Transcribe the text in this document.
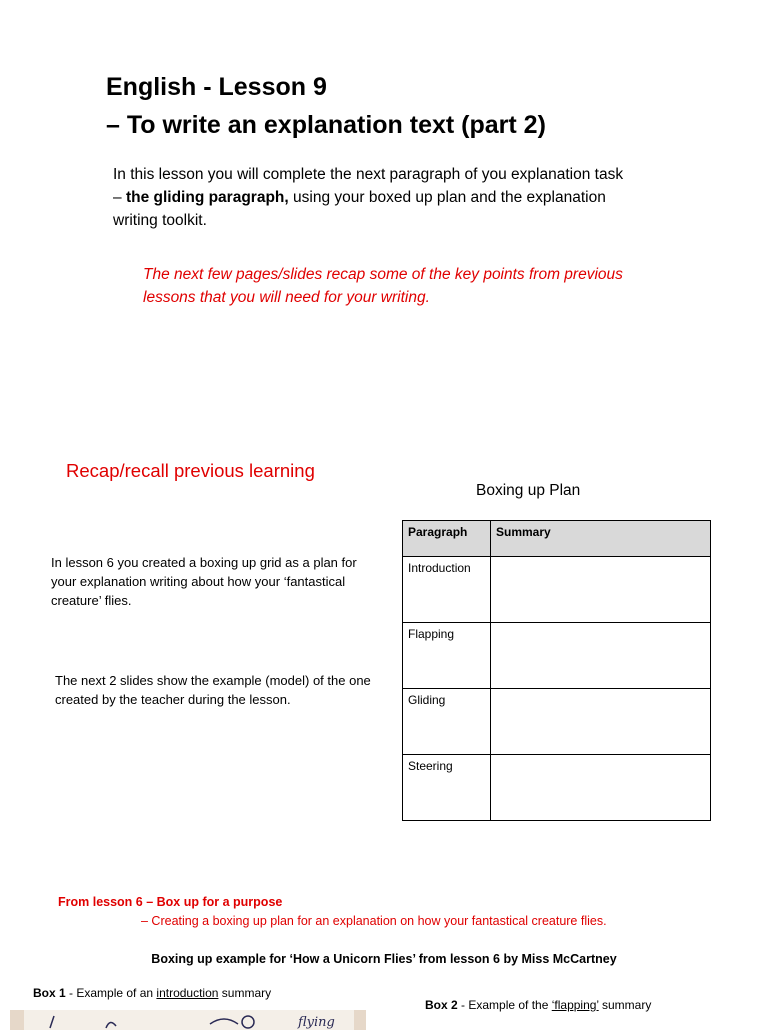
English - Lesson 9
– To write an explanation text (part 2)
In this lesson you will complete the next paragraph of you explanation task – the gliding paragraph, using your boxed up plan and the explanation writing toolkit.
The next few pages/slides recap some of the key points from previous lessons that you will need for your writing.
Recap/recall previous learning
Boxing up Plan
In lesson 6 you created a boxing up grid as a plan for your explanation writing about how your ‘fantastical creature’ flies.
The next 2 slides show the example (model) of the one created by the teacher during the lesson.
Paragraph	Summary
Introduction	
Flapping	
Gliding	
Steering	
From lesson 6 – Box up for a purpose
– Creating a boxing up plan for an explanation on how your fantastical creature flies.
Boxing up example for ‘How a Unicorn Flies’ from lesson 6 by Miss McCartney
Box 1 - Example of an introduction summary
Box 2 - Example of the ‘flapping’ summary
flying
